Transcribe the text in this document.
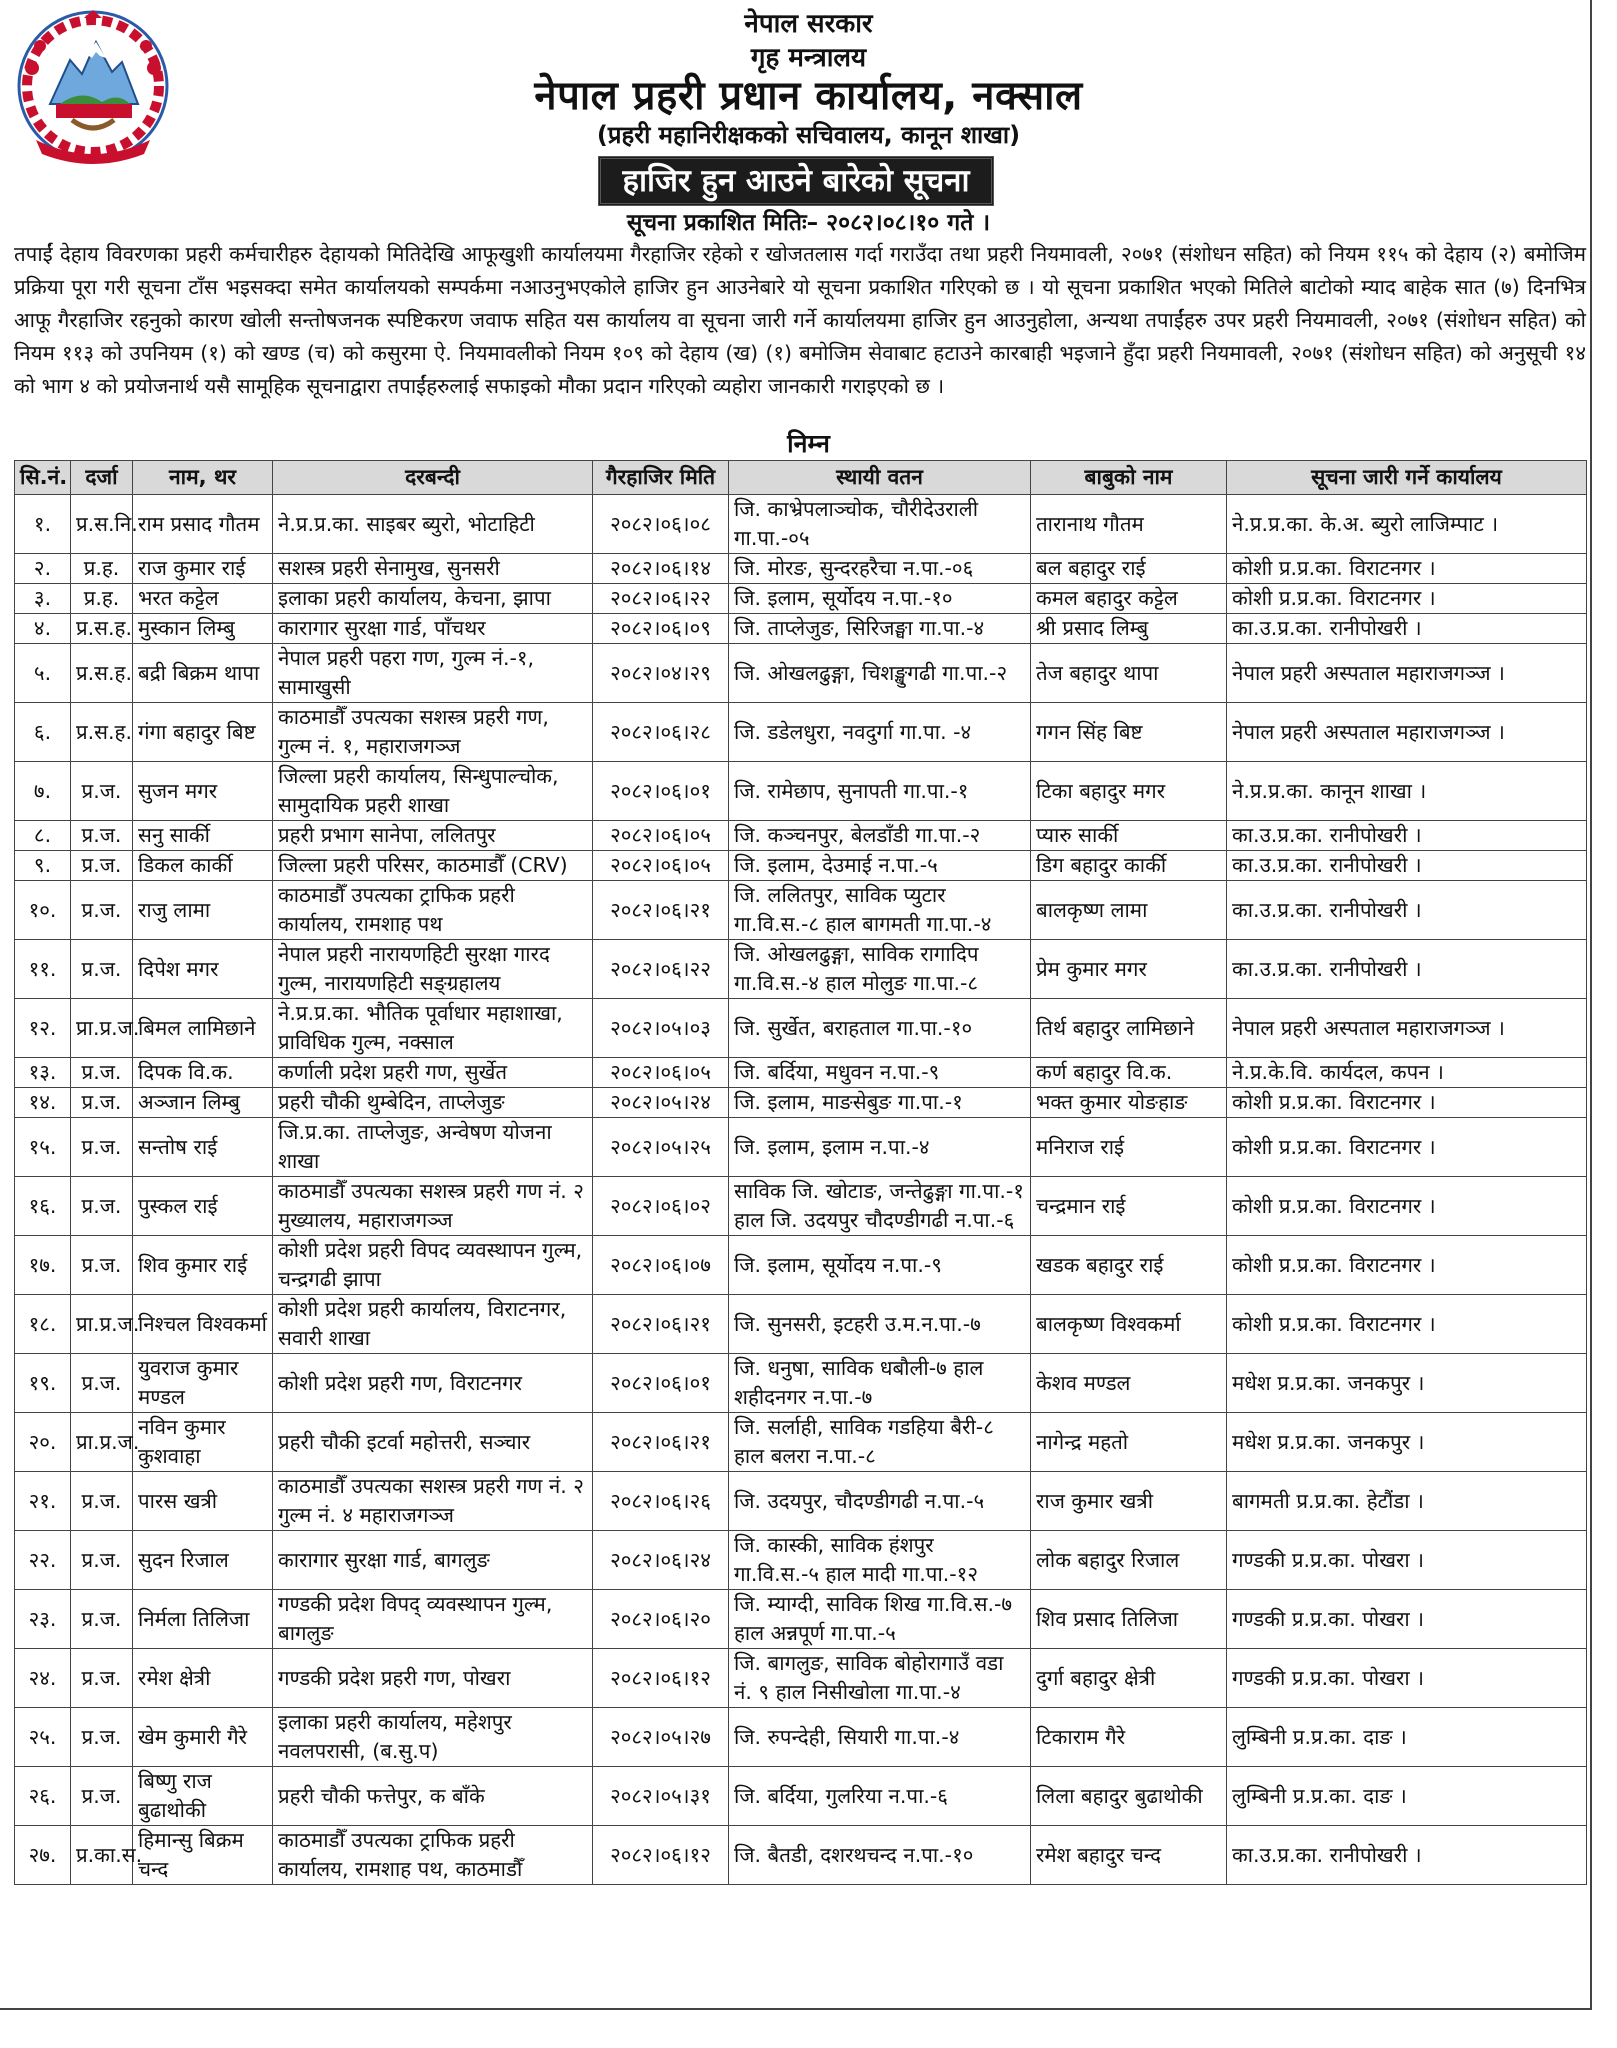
नेपाल सरकार
गृह मन्त्रालय
नेपाल प्रहरी प्रधान कार्यालय, नक्साल
(प्रहरी महानिरीक्षकको सचिवालय, कानून शाखा)
हाजिर हुन आउने बारेको सूचना
सूचना प्रकाशित मितिः– २०८२।०८।१० गते ।
तपाईं देहाय विवरणका प्रहरी कर्मचारीहरु देहायको मितिदेखि आफूखुशी कार्यालयमा गैरहाजिर रहेको र खोजतलास गर्दा गराउँदा तथा प्रहरी नियमावली, २०७१ (संशोधन सहित) को नियम ११५ को देहाय (२) बमोजिम प्रक्रिया पूरा गरी सूचना टाँस भइसक्दा समेत कार्यालयको सम्पर्कमा नआउनुभएकोले हाजिर हुन आउनेबारे यो सूचना प्रकाशित गरिएको छ । यो सूचना प्रकाशित भएको मितिले बाटोको म्याद बाहेक सात (७) दिनभित्र आफू गैरहाजिर रहनुको कारण खोली सन्तोषजनक स्पष्टिकरण जवाफ सहित यस कार्यालय वा सूचना जारी गर्ने कार्यालयमा हाजिर हुन आउनुहोला, अन्यथा तपाईंहरु उपर प्रहरी नियमावली, २०७१ (संशोधन सहित) को नियम ११३ को उपनियम (१) को खण्ड (च) को कसुरमा ऐ. नियमावलीको नियम १०९ को देहाय (ख) (१) बमोजिम सेवाबाट हटाउने कारबाही भइजाने हुँदा प्रहरी नियमावली, २०७१ (संशोधन सहित) को अनुसूची १४ को भाग ४ को प्रयोजनार्थ यसै सामूहिक सूचनाद्वारा तपाईंहरुलाई सफाइको मौका प्रदान गरिएको व्यहोरा जानकारी गराइएको छ ।
निम्न
सि.नं.	दर्जा	नाम, थर	दरबन्दी	गैरहाजिर मिति	स्थायी वतन	बाबुको नाम	सूचना जारी गर्ने कार्यालय
१.	प्र.स.नि.	राम प्रसाद गौतम	ने.प्र.प्र.का. साइबर ब्युरो, भोटाहिटी	२०८२।०६।०८	जि. काभ्रेपलाञ्चोक, चौरीदेउराली गा.पा.-०५	तारानाथ गौतम	ने.प्र.प्र.का. के.अ. ब्युरो लाजिम्पाट ।
२.	प्र.ह.	राज कुमार राई	सशस्त्र प्रहरी सेनामुख, सुनसरी	२०८२।०६।१४	जि. मोरङ, सुन्दरहरैचा न.पा.-०६	बल बहादुर राई	कोशी प्र.प्र.का. विराटनगर ।
३.	प्र.ह.	भरत कट्टेल	इलाका प्रहरी कार्यालय, केचना, झापा	२०८२।०६।२२	जि. इलाम, सूर्योदय न.पा.-१०	कमल बहादुर कट्टेल	कोशी प्र.प्र.का. विराटनगर ।
४.	प्र.स.ह.	मुस्कान लिम्बु	कारागार सुरक्षा गार्ड, पाँचथर	२०८२।०६।०९	जि. ताप्लेजुङ, सिरिजङ्घा गा.पा.-४	श्री प्रसाद लिम्बु	का.उ.प्र.का. रानीपोखरी ।
५.	प्र.स.ह.	बद्री बिक्रम थापा	नेपाल प्रहरी पहरा गण, गुल्म नं.-१, सामाखुसी	२०८२।०४।२९	जि. ओखलढुङ्गा, चिशङ्खुगढी गा.पा.-२	तेज बहादुर थापा	नेपाल प्रहरी अस्पताल महाराजगञ्ज ।
६.	प्र.स.ह.	गंगा बहादुर बिष्ट	काठमाडौँ उपत्यका सशस्त्र प्रहरी गण, गुल्म नं. १, महाराजगञ्ज	२०८२।०६।२८	जि. डडेलधुरा, नवदुर्गा गा.पा. -४	गगन सिंह बिष्ट	नेपाल प्रहरी अस्पताल महाराजगञ्ज ।
७.	प्र.ज.	सुजन मगर	जिल्ला प्रहरी कार्यालय, सिन्धुपाल्चोक, सामुदायिक प्रहरी शाखा	२०८२।०६।०१	जि. रामेछाप, सुनापती गा.पा.-१	टिका बहादुर मगर	ने.प्र.प्र.का. कानून शाखा ।
८.	प्र.ज.	सनु सार्की	प्रहरी प्रभाग सानेपा, ललितपुर	२०८२।०६।०५	जि. कञ्चनपुर, बेलडाँडी गा.पा.-२	प्यारु सार्की	का.उ.प्र.का. रानीपोखरी ।
९.	प्र.ज.	डिकल कार्की	जिल्ला प्रहरी परिसर, काठमाडौँ (CRV)	२०८२।०६।०५	जि. इलाम, देउमाई न.पा.-५	डिग बहादुर कार्की	का.उ.प्र.का. रानीपोखरी ।
१०.	प्र.ज.	राजु लामा	काठमाडौँ उपत्यका ट्राफिक प्रहरी कार्यालय, रामशाह पथ	२०८२।०६।२१	जि. ललितपुर, साविक प्युटार गा.वि.स.-८ हाल बागमती गा.पा.-४	बालकृष्ण लामा	का.उ.प्र.का. रानीपोखरी ।
११.	प्र.ज.	दिपेश मगर	नेपाल प्रहरी नारायणहिटी सुरक्षा गारद गुल्म, नारायणहिटी सङ्ग्रहालय	२०८२।०६।२२	जि. ओखलढुङ्गा, साविक रागादिप गा.वि.स.-४ हाल मोलुङ गा.पा.-८	प्रेम कुमार मगर	का.उ.प्र.का. रानीपोखरी ।
१२.	प्रा.प्र.ज.	बिमल लामिछाने	ने.प्र.प्र.का. भौतिक पूर्वाधार महाशाखा, प्राविधिक गुल्म, नक्साल	२०८२।०५।०३	जि. सुर्खेत, बराहताल गा.पा.-१०	तिर्थ बहादुर लामिछाने	नेपाल प्रहरी अस्पताल महाराजगञ्ज ।
१३.	प्र.ज.	दिपक वि.क.	कर्णाली प्रदेश प्रहरी गण, सुर्खेत	२०८२।०६।०५	जि. बर्दिया, मधुवन न.पा.-९	कर्ण बहादुर वि.क.	ने.प्र.के.वि. कार्यदल, कपन ।
१४.	प्र.ज.	अञ्जान लिम्बु	प्रहरी चौकी थुम्बेदिन, ताप्लेजुङ	२०८२।०५।२४	जि. इलाम, माङसेबुङ गा.पा.-१	भक्त कुमार योङहाङ	कोशी प्र.प्र.का. विराटनगर ।
१५.	प्र.ज.	सन्तोष राई	जि.प्र.का. ताप्लेजुङ, अन्वेषण योजना शाखा	२०८२।०५।२५	जि. इलाम, इलाम न.पा.-४	मनिराज राई	कोशी प्र.प्र.का. विराटनगर ।
१६.	प्र.ज.	पुस्कल राई	काठमाडौँ उपत्यका सशस्त्र प्रहरी गण नं. २ मुख्यालय, महाराजगञ्ज	२०८२।०६।०२	साविक जि. खोटाङ, जन्तेढुङ्गा गा.पा.-१ हाल जि. उदयपुर चौदण्डीगढी न.पा.-६	चन्द्रमान राई	कोशी प्र.प्र.का. विराटनगर ।
१७.	प्र.ज.	शिव कुमार राई	कोशी प्रदेश प्रहरी विपद व्यवस्थापन गुल्म, चन्द्रगढी झापा	२०८२।०६।०७	जि. इलाम, सूर्योदय न.पा.-९	खडक बहादुर राई	कोशी प्र.प्र.का. विराटनगर ।
१८.	प्रा.प्र.ज.	निश्चल विश्वकर्मा	कोशी प्रदेश प्रहरी कार्यालय, विराटनगर, सवारी शाखा	२०८२।०६।२१	जि. सुनसरी, इटहरी उ.म.न.पा.-७	बालकृष्ण विश्वकर्मा	कोशी प्र.प्र.का. विराटनगर ।
१९.	प्र.ज.	युवराज कुमार मण्डल	कोशी प्रदेश प्रहरी गण, विराटनगर	२०८२।०६।०१	जि. धनुषा, साविक धबौली-७ हाल शहीदनगर न.पा.-७	केशव मण्डल	मधेश प्र.प्र.का. जनकपुर ।
२०.	प्रा.प्र.ज.	नविन कुमार कुशवाहा	प्रहरी चौकी इटर्वा महोत्तरी, सञ्चार	२०८२।०६।२१	जि. सर्लाही, साविक गडहिया बैरी-८ हाल बलरा न.पा.-८	नागेन्द्र महतो	मधेश प्र.प्र.का. जनकपुर ।
२१.	प्र.ज.	पारस खत्री	काठमाडौँ उपत्यका सशस्त्र प्रहरी गण नं. २ गुल्म नं. ४ महाराजगञ्ज	२०८२।०६।२६	जि. उदयपुर, चौदण्डीगढी न.पा.-५	राज कुमार खत्री	बागमती प्र.प्र.का. हेटौंडा ।
२२.	प्र.ज.	सुदन रिजाल	कारागार सुरक्षा गार्ड, बागलुङ	२०८२।०६।२४	जि. कास्की, साविक हंशपुर गा.वि.स.-५ हाल मादी गा.पा.-१२	लोक बहादुर रिजाल	गण्डकी प्र.प्र.का. पोखरा ।
२३.	प्र.ज.	निर्मला तिलिजा	गण्डकी प्रदेश विपद् व्यवस्थापन गुल्म, बागलुङ	२०८२।०६।२०	जि. म्याग्दी, साविक शिख गा.वि.स.-७ हाल अन्नपूर्ण गा.पा.-५	शिव प्रसाद तिलिजा	गण्डकी प्र.प्र.का. पोखरा ।
२४.	प्र.ज.	रमेश क्षेत्री	गण्डकी प्रदेश प्रहरी गण, पोखरा	२०८२।०६।१२	जि. बागलुङ, साविक बोहोरागाउँ वडा नं. ९ हाल निसीखोला गा.पा.-४	दुर्गा बहादुर क्षेत्री	गण्डकी प्र.प्र.का. पोखरा ।
२५.	प्र.ज.	खेम कुमारी गैरे	इलाका प्रहरी कार्यालय, महेशपुर नवलपरासी, (ब.सु.प)	२०८२।०५।२७	जि. रुपन्देही, सियारी गा.पा.-४	टिकाराम गैरे	लुम्बिनी प्र.प्र.का. दाङ ।
२६.	प्र.ज.	बिष्णु राज बुढाथोकी	प्रहरी चौकी फत्तेपुर, क बाँके	२०८२।०५।३१	जि. बर्दिया, गुलरिया न.पा.-६	लिला बहादुर बुढाथोकी	लुम्बिनी प्र.प्र.का. दाङ ।
२७.	प्र.का.स.	हिमान्सु बिक्रम चन्द	काठमाडौँ उपत्यका ट्राफिक प्रहरी कार्यालय, रामशाह पथ, काठमाडौँ	२०८२।०६।१२	जि. बैतडी, दशरथचन्द न.पा.-१०	रमेश बहादुर चन्द	का.उ.प्र.का. रानीपोखरी ।
